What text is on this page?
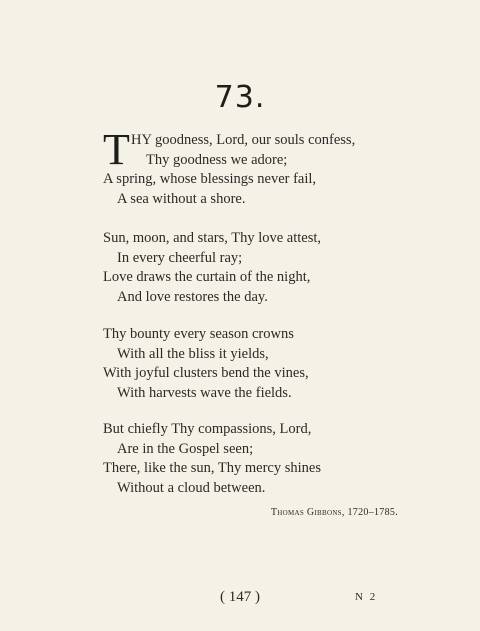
73.
T HY goodness, Lord, our souls confess,
Thy goodness we adore;
A spring, whose blessings never fail,
A sea without a shore.
Sun, moon, and stars, Thy love attest,
In every cheerful ray;
Love draws the curtain of the night,
And love restores the day.
Thy bounty every season crowns
With all the bliss it yields,
With joyful clusters bend the vines,
With harvests wave the fields.
But chiefly Thy compassions, Lord,
Are in the Gospel seen;
There, like the sun, Thy mercy shines
Without a cloud between.
Thomas Gibbons, 1720–1785.
( 147 )	N 2
